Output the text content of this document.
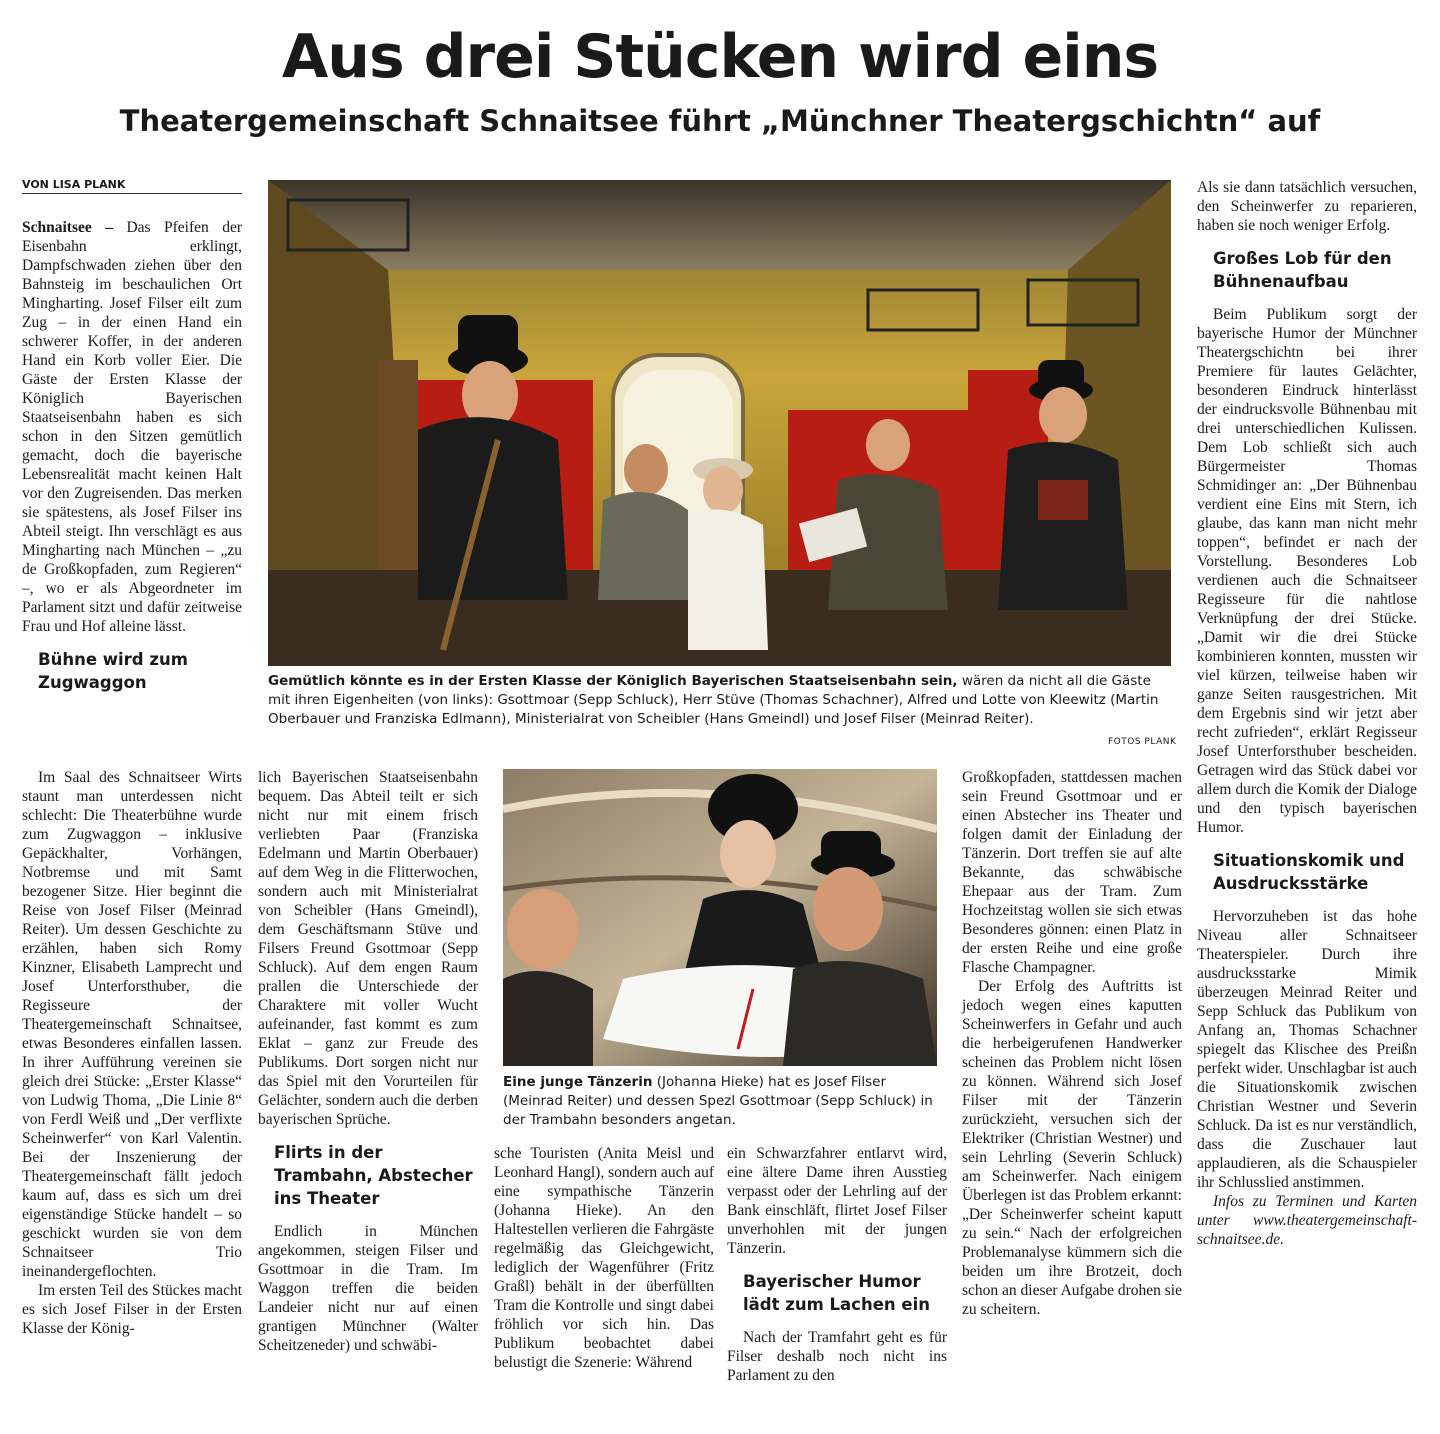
Aus drei Stücken wird eins
Theatergemeinschaft Schnaitsee führt „Münchner Theatergschichtn“ auf
VON LISA PLANK

Schnaitsee – Das Pfeifen der Eisenbahn erklingt, Dampfschwaden ziehen über den Bahnsteig im beschaulichen Ort Mingharting. Josef Filser eilt zum Zug – in der einen Hand ein schwerer Koffer, in der anderen Hand ein Korb voller Eier. Die Gäste der Ersten Klasse der Königlich Bayerischen Staatseisenbahn haben es sich schon in den Sitzen gemütlich gemacht, doch die bayerische Lebensrealität macht keinen Halt vor den Zugreisenden. Das merken sie spätestens, als Josef Filser ins Abteil steigt. Ihn verschlägt es aus Mingharting nach München – „zu de Großkopfaden, zum Regieren“ –, wo er als Abgeordneter im Parlament sitzt und dafür zeitweise Frau und Hof alleine lässt.

Bühne wird zum Zugwaggon	Gemütlich könnte es in der Ersten Klasse der Königlich Bayerischen Staatseisenbahn sein, wären da nicht all die Gäste mit ihren Eigenheiten (von links): Gsottmoar (Sepp Schluck), Herr Stüve (Thomas Schachner), Alfred und Lotte von Kleewitz (Martin Oberbauer und Franziska Edlmann), Ministerialrat von Scheibler (Hans Gmeindl) und Josef Filser (Meinrad Reiter).
FOTOS PLANK

Im Saal des Schnaitseer Wirts staunt man unterdessen nicht schlecht: Die Theaterbühne wurde zum Zugwaggon – inklusive Gepäckhalter, Vorhängen, Notbremse und mit Samt bezogener Sitze. Hier beginnt die Reise von Josef Filser (Meinrad Reiter). Um dessen Geschichte zu erzählen, haben sich Romy Kinzner, Elisabeth Lamprecht und Josef Unterforsthuber, die Regisseure der Theatergemeinschaft Schnaitsee, etwas Besonderes einfallen lassen. In ihrer Aufführung vereinen sie gleich drei Stücke: „Erster Klasse“ von Ludwig Thoma, „Die Linie 8“ von Ferdl Weiß und „Der verflixte Scheinwerfer“ von Karl Valentin. Bei der Inszenierung der Theatergemeinschaft fällt jedoch kaum auf, dass es sich um drei eigenständige Stücke handelt – so geschickt wurden sie von dem Schnaitseer Trio ineinandergeflochten.

Im ersten Teil des Stückes macht es sich Josef Filser in der Ersten Klasse der König-

lich Bayerischen Staatseisenbahn bequem. Das Abteil teilt er sich nicht nur mit einem frisch verliebten Paar (Franziska Edelmann und Martin Oberbauer) auf dem Weg in die Flitterwochen, sondern auch mit Ministerialrat von Scheibler (Hans Gmeindl), dem Geschäftsmann Stüve und Filsers Freund Gsottmoar (Sepp Schluck). Auf dem engen Raum prallen die Unterschiede der Charaktere mit voller Wucht aufeinander, fast kommt es zum Eklat – ganz zur Freude des Publikums. Dort sorgen nicht nur das Spiel mit den Vorurteilen für Gelächter, sondern auch die derben bayerischen Sprüche.

Flirts in der Trambahn, Abstecher ins Theater

Endlich in München angekommen, steigen Filser und Gsottmoar in die Tram. Im Waggon treffen die beiden Landeier nicht nur auf einen grantigen Münchner (Walter Scheitzeneder) und schwäbi-

Eine junge Tänzerin (Johanna Hieke) hat es Josef Filser (Meinrad Reiter) und dessen Spezl Gsottmoar (Sepp Schluck) in der Trambahn besonders angetan.

sche Touristen (Anita Meisl und Leonhard Hangl), sondern auch auf eine sympathische Tänzerin (Johanna Hieke). An den Haltestellen verlieren die Fahrgäste regelmäßig das Gleichgewicht, lediglich der Wagenführer (Fritz Graßl) behält in der überfüllten Tram die Kontrolle und singt dabei fröhlich vor sich hin. Das Publikum beobachtet dabei belustigt die Szenerie: Während

ein Schwarzfahrer entlarvt wird, eine ältere Dame ihren Ausstieg verpasst oder der Lehrling auf der Bank einschläft, flirtet Josef Filser unverhohlen mit der jungen Tänzerin.

Bayerischer Humor lädt zum Lachen ein

Nach der Tramfahrt geht es für Filser deshalb noch nicht ins Parlament zu den

Großkopfaden, stattdessen machen sein Freund Gsottmoar und er einen Abstecher ins Theater und folgen damit der Einladung der Tänzerin. Dort treffen sie auf alte Bekannte, das schwäbische Ehepaar aus der Tram. Zum Hochzeitstag wollen sie sich etwas Besonderes gönnen: einen Platz in der ersten Reihe und eine große Flasche Champagner.

Der Erfolg des Auftritts ist jedoch wegen eines kaputten Scheinwerfers in Gefahr und auch die herbeigerufenen Handwerker scheinen das Problem nicht lösen zu können. Während sich Josef Filser mit der Tänzerin zurückzieht, versuchen sich der Elektriker (Christian Westner) und sein Lehrling (Severin Schluck) am Scheinwerfer. Nach einigem Überlegen ist das Problem erkannt: „Der Scheinwerfer scheint kaputt zu sein.“ Nach der erfolgreichen Problemanalyse kümmern sich die beiden um ihre Brotzeit, doch schon an dieser Aufgabe drohen sie zu scheitern.

Als sie dann tatsächlich versuchen, den Scheinwerfer zu reparieren, haben sie noch weniger Erfolg.

Großes Lob für den Bühnenaufbau

Beim Publikum sorgt der bayerische Humor der Münchner Theatergschichtn bei ihrer Premiere für lautes Gelächter, besonderen Eindruck hinterlässt der eindrucksvolle Bühnenbau mit drei unterschiedlichen Kulissen. Dem Lob schließt sich auch Bürgermeister Thomas Schmidinger an: „Der Bühnenbau verdient eine Eins mit Stern, ich glaube, das kann man nicht mehr toppen“, befindet er nach der Vorstellung. Besonderes Lob verdienen auch die Schnaitseer Regisseure für die nahtlose Verknüpfung der drei Stücke. „Damit wir die drei Stücke kombinieren konnten, mussten wir viel kürzen, teilweise haben wir ganze Seiten rausgestrichen. Mit dem Ergebnis sind wir jetzt aber recht zufrieden“, erklärt Regisseur Josef Unterforsthuber bescheiden. Getragen wird das Stück dabei vor allem durch die Komik der Dialoge und den typisch bayerischen Humor.

Situationskomik und Ausdrucksstärke

Hervorzuheben ist das hohe Niveau aller Schnaitseer Theaterspieler. Durch ihre ausdrucksstarke Mimik überzeugen Meinrad Reiter und Sepp Schluck das Publikum von Anfang an, Thomas Schachner spiegelt das Klischee des Preißn perfekt wider. Unschlagbar ist auch die Situationskomik zwischen Christian Westner und Severin Schluck. Da ist es nur verständlich, dass die Zuschauer laut applaudieren, als die Schauspieler ihr Schlusslied anstimmen.

Infos zu Terminen und Karten unter www.theatergemeinschaft-schnaitsee.de.
